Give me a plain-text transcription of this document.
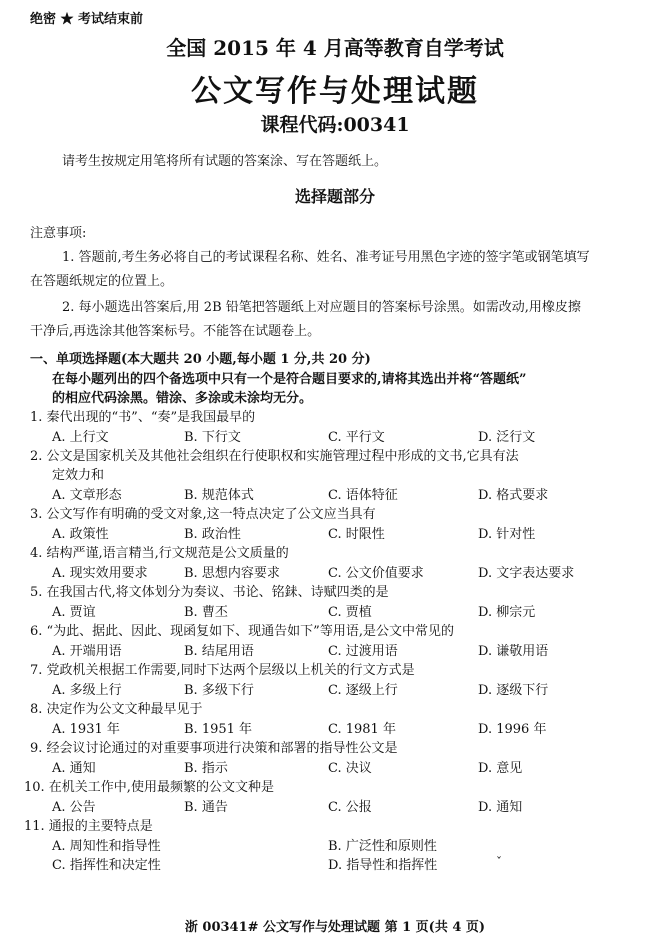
绝密 ★ 考试结束前
全国 2015 年 4 月高等教育自学考试
公文写作与处理试题
课程代码:00341
请考生按规定用笔将所有试题的答案涂、写在答题纸上。
选择题部分
注意事项:
1. 答题前,考生务必将自己的考试课程名称、姓名、准考证号用黑色字迹的签字笔或钢笔填写
在答题纸规定的位置上。
2. 每小题选出答案后,用 2B 铅笔把答题纸上对应题目的答案标号涂黑。如需改动,用橡皮擦
干净后,再选涂其他答案标号。不能答在试题卷上。
一、单项选择题(本大题共 20 小题,每小题 1 分,共 20 分)
在每小题列出的四个备选项中只有一个是符合题目要求的,请将其选出并将“答题纸”
的相应代码涂黑。错涂、多涂或未涂均无分。
1. 秦代出现的“书”、“奏”是我国最早的
A. 上行文	B. 下行文	C. 平行文	D. 泛行文
2. 公文是国家机关及其他社会组织在行使职权和实施管理过程中形成的文书,它具有法
定效力和
A. 文章形态	B. 规范体式	C. 语体特征	D. 格式要求
3. 公文写作有明确的受文对象,这一特点决定了公文应当具有
A. 政策性	B. 政治性	C. 时限性	D. 针对性
4. 结构严谨,语言精当,行文规范是公文质量的
A. 现实效用要求	B. 思想内容要求	C. 公文价值要求	D. 文字表达要求
5. 在我国古代,将文体划分为奏议、书论、铭銇、诗赋四类的是
A. 贾谊	B. 曹丕	C. 贾植	D. 柳宗元
6. “为此、据此、因此、现函复如下、现通告如下”等用语,是公文中常见的
A. 开端用语	B. 结尾用语	C. 过渡用语	D. 谦敬用语
7. 党政机关根据工作需要,同时下达两个层级以上机关的行文方式是
A. 多级上行	B. 多级下行	C. 逐级上行	D. 逐级下行
8. 决定作为公文文种最早见于
A. 1931 年	B. 1951 年	C. 1981 年	D. 1996 年
9. 经会议讨论通过的对重要事项进行决策和部署的指导性公文是
A. 通知	B. 指示	C. 决议	D. 意见
10. 在机关工作中,使用最频繁的公文文种是
A. 公告	B. 通告	C. 公报	D. 通知
11. 通报的主要特点是
A. 周知性和指导性	B. 广泛性和原则性
C. 指挥性和决定性	D. 指导性和指挥性	ˇ
浙 00341# 公文写作与处理试题 第 1 页(共 4 页)
